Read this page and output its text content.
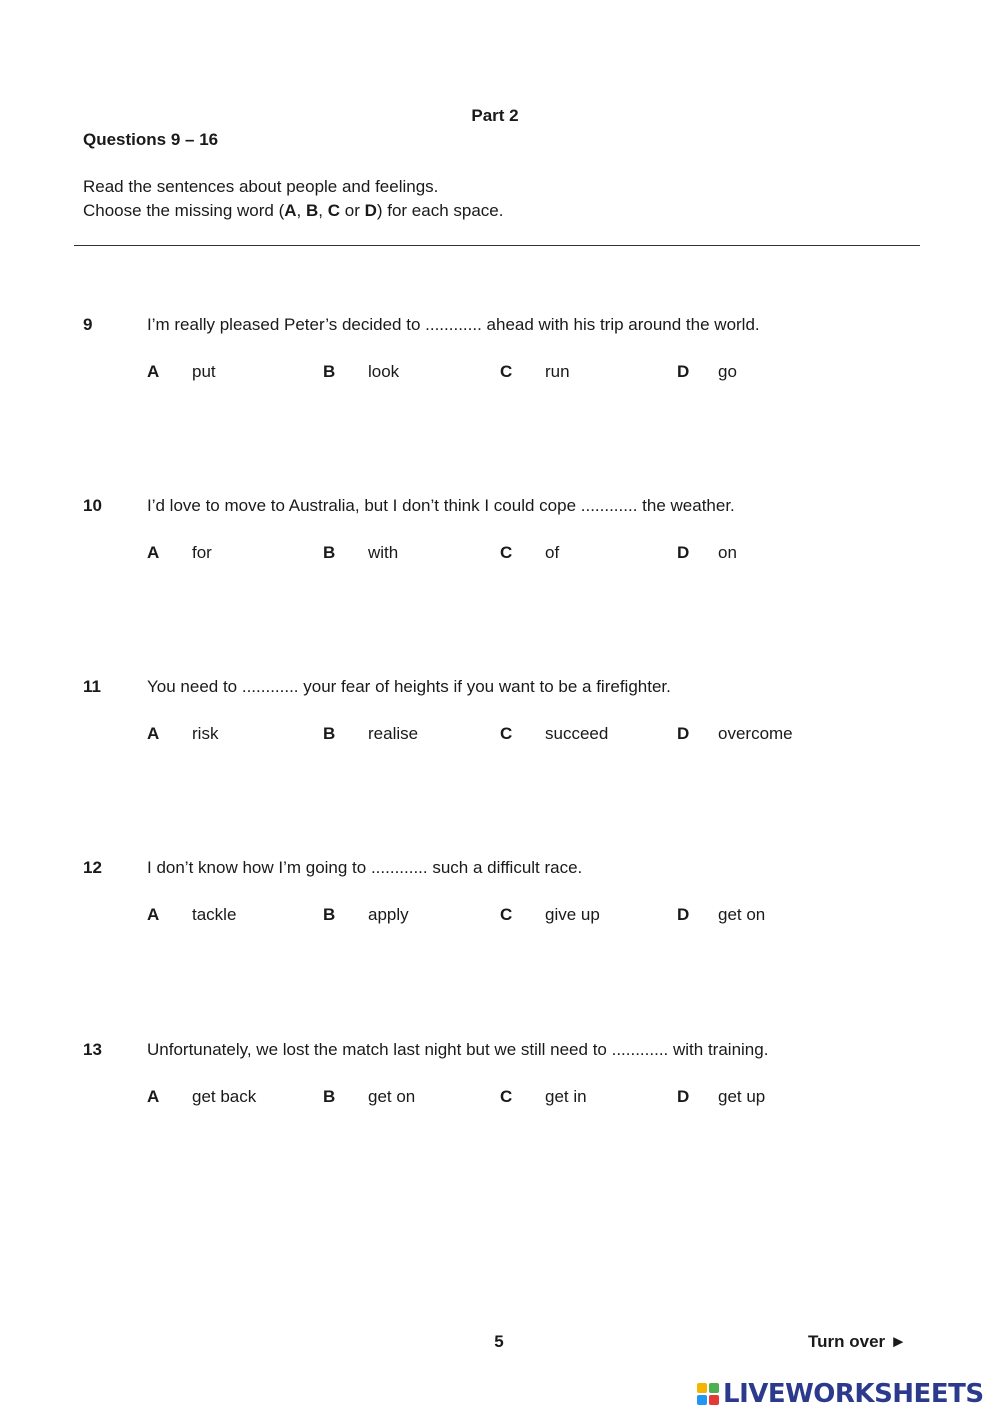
Part 2
Questions 9 – 16
Read the sentences about people and feelings.
Choose the missing word (A, B, C or D) for each space.
9	I’m really pleased Peter’s decided to ............ ahead with his trip around the world.
A put	B look	C run	D go
10	I’d love to move to Australia, but I don’t think I could cope ............ the weather.
A for	B with	C of	D on
11	You need to ............ your fear of heights if you want to be a firefighter.
A risk	B realise	C succeed	D overcome
12	I don’t know how I’m going to ............ such a difficult race.
A tackle	B apply	C give up	D get on
13	Unfortunately, we lost the match last night but we still need to ............ with training.
A get back	B get on	C get in	D get up
5	Turn over ►
LIVEWORKSHEETS
